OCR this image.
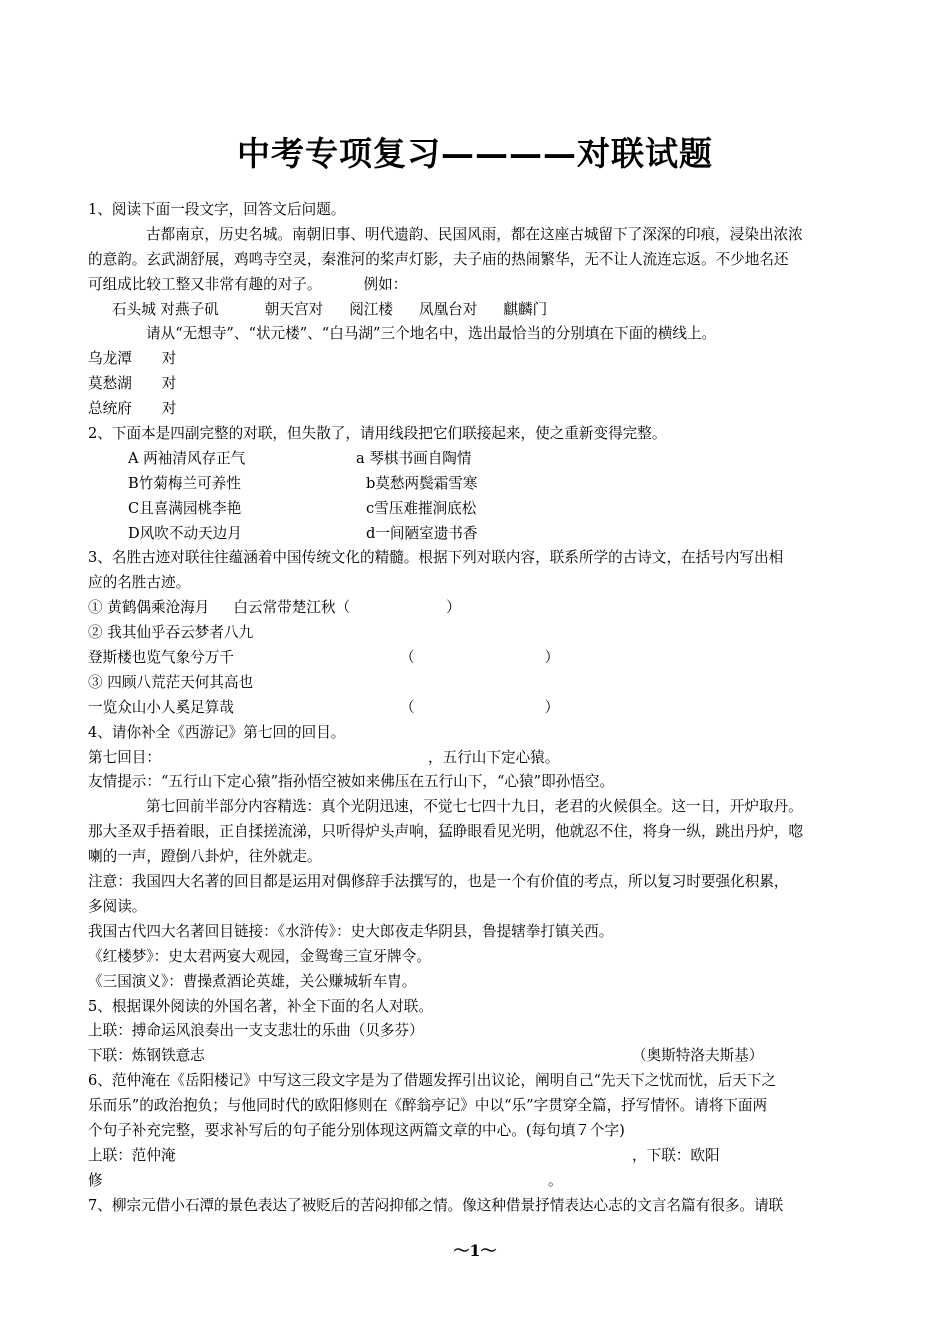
中考专项复习————对联试题
1、阅读下面一段文字，回答文后问题。
古都南京，历史名城。南朝旧事、明代遗韵、民国风雨，都在这座古城留下了深深的印痕，浸染出浓浓
的意韵。玄武湖舒展，鸡鸣寺空灵，秦淮河的桨声灯影，夫子庙的热闹繁华，无不让人流连忘返。不少地名还
可组成比较工整又非常有趣的对子。	例如：
石头城 对燕子矶	朝天宫对 阅江楼 凤凰台对 麒麟门
请从“无想寺”、“状元楼”、“白马湖”三个地名中，选出最恰当的分别填在下面的横线上。
乌龙潭 对
莫愁湖 对
总统府 对
2、下面本是四副完整的对联，但失散了，请用线段把它们联接起来，使之重新变得完整。
A 两袖清风存正气	a 琴棋书画自陶情
B竹菊梅兰可养性	b莫愁两鬓霜雪寒
C且喜满园桃李艳	c雪压难摧涧底松
D风吹不动天边月	d一间陋室遗书香
3、名胜古迹对联往往蕴涵着中国传统文化的精髓。根据下列对联内容，联系所学的古诗文，在括号内写出相
应的名胜古迹。
① 黄鹤偶乘沧海月 白云常带楚江秋（	）
② 我其仙乎吞云梦者八九
登斯楼也览气象兮万千	（	）
③ 四顾八荒茫天何其高也
一览众山小人奚足算哉	（	）
4、请你补全《西游记》第七回的回目。
第七回目：	，五行山下定心猿。
友情提示：“五行山下定心猿”指孙悟空被如来佛压在五行山下，“心猿”即孙悟空。
第七回前半部分内容精选：真个光阴迅速，不觉七七四十九日，老君的火候俱全。这一日，开炉取丹。
那大圣双手捂着眼，正自揉搓流涕，只听得炉头声响，猛睁眼看见光明，他就忍不住，将身一纵，跳出丹炉，唿
喇的一声，蹬倒八卦炉，往外就走。
注意：我国四大名著的回目都是运用对偶修辞手法撰写的，也是一个有价值的考点，所以复习时要强化积累，
多阅读。
我国古代四大名著回目链接：《水浒传》：史大郎夜走华阴县，鲁提辖拳打镇关西。
《红楼梦》：史太君两宴大观园，金鸳鸯三宣牙牌令。
《三国演义》：曹操煮酒论英雄，关公赚城斩车胄。
5、根据课外阅读的外国名著，补全下面的名人对联。
上联：搏命运风浪奏出一支支悲壮的乐曲（贝多芬）
下联：炼钢铁意志	（奥斯特洛夫斯基）
6、范仲淹在《岳阳楼记》中写这三段文字是为了借题发挥引出议论，阐明自己“先天下之忧而忧，后天下之
乐而乐”的政治抱负；与他同时代的欧阳修则在《醉翁亭记》中以“乐”字贯穿全篇，抒写情怀。请将下面两
个句子补充完整，要求补写后的句子能分别体现这两篇文章的中心。(每句填７个字)
上联：范仲淹	，下联：欧阳
修	。
7、柳宗元借小石潭的景色表达了被贬后的苦闷抑郁之情。像这种借景抒情表达心志的文言名篇有很多。请联
～1～
